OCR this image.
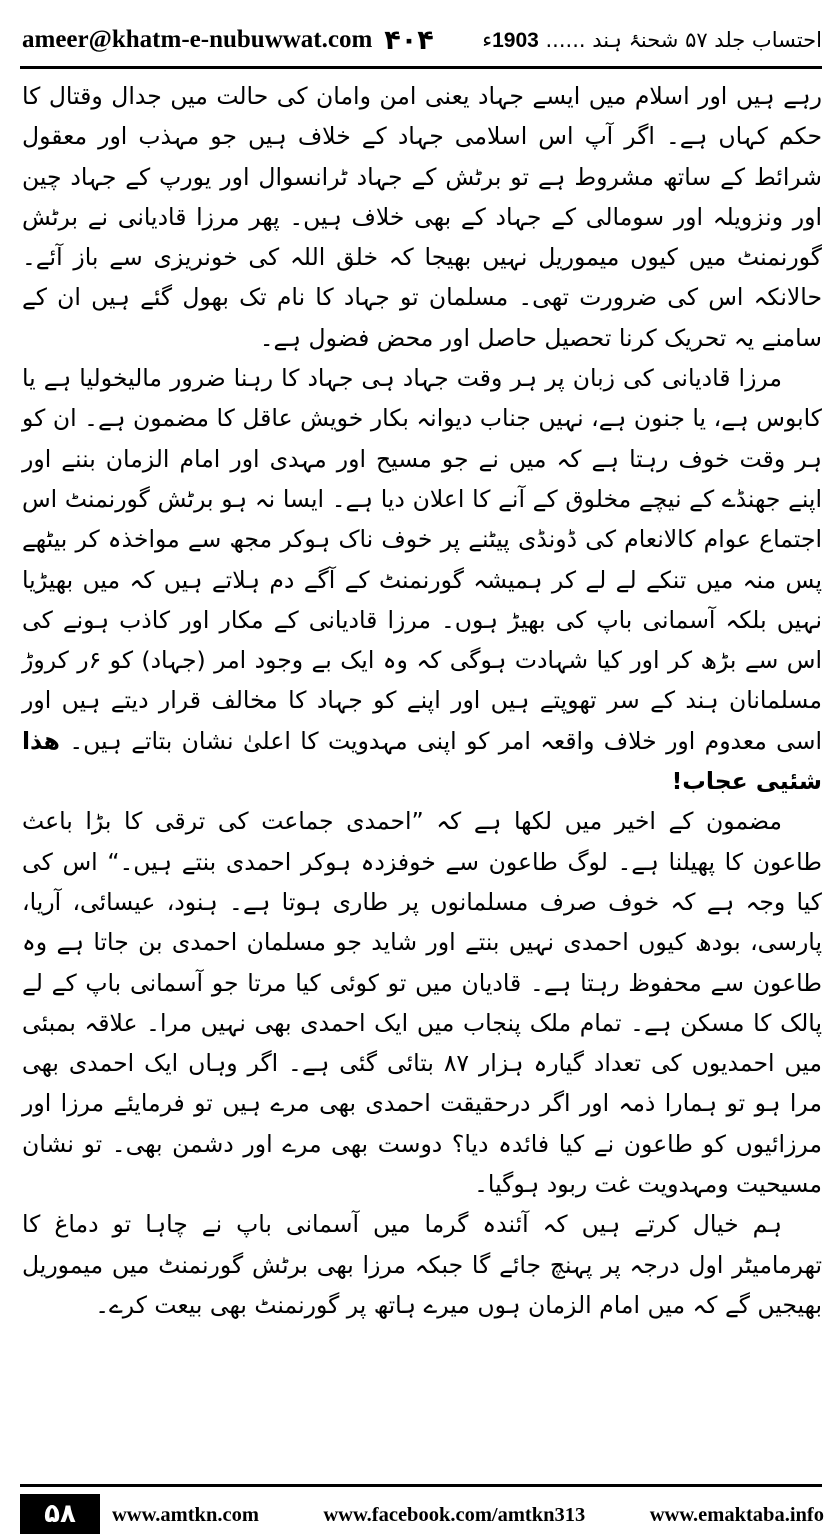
ameer@khatm-e-nubuwwat.com ۴۰۴	احتساب جلد ۵۷ شحنۂ ہند ...... 1903ء

رہے ہیں اور اسلام میں ایسے جہاد یعنی امن وامان کی حالت میں جدال وقتال کا حکم کہاں ہے۔ اگر آپ اس اسلامی جہاد کے خلاف ہیں جو مہذب اور معقول شرائط کے ساتھ مشروط ہے تو برٹش کے جہاد ٹرانسوال اور یورپ کے جہاد چین اور ونزویلہ اور سومالی کے جہاد کے بھی خلاف ہیں۔ پھر مرزا قادیانی نے برٹش گورنمنٹ میں کیوں میموریل نہیں بھیجا کہ خلق اللہ کی خونریزی سے باز آئے۔ حالانکہ اس کی ضرورت تھی۔ مسلمان تو جہاد کا نام تک بھول گئے ہیں ان کے سامنے یہ تحریک کرنا تحصیل حاصل اور محض فضول ہے۔

مرزا قادیانی کی زبان پر ہر وقت جہاد ہی جہاد کا رہنا ضرور مالیخولیا ہے یا کابوس ہے، یا جنون ہے، نہیں جناب دیوانہ بکار خویش عاقل کا مضمون ہے۔ ان کو ہر وقت خوف رہتا ہے کہ میں نے جو مسیح اور مہدی اور امام الزمان بننے اور اپنے جھنڈے کے نیچے مخلوق کے آنے کا اعلان دیا ہے۔ ایسا نہ ہو برٹش گورنمنٹ اس اجتماع عوام کالانعام کی ڈونڈی پیٹنے پر خوف ناک ہوکر مجھ سے مواخذہ کر بیٹھے پس منہ میں تنکے لے لے کر ہمیشہ گورنمنٹ کے آگے دم ہلاتے ہیں کہ میں بھیڑیا نہیں بلکہ آسمانی باپ کی بھیڑ ہوں۔ مرزا قادیانی کے مکار اور کاذب ہونے کی اس سے بڑھ کر اور کیا شہادت ہوگی کہ وہ ایک بے وجود امر (جہاد) کو ۶ر کروڑ مسلمانان ہند کے سر تھوپتے ہیں اور اپنے کو جہاد کا مخالف قرار دیتے ہیں اور اسی معدوم اور خلاف واقعہ امر کو اپنی مہدویت کا اعلیٰ نشان بتاتے ہیں۔ ھذا شئیی عجاب!

مضمون کے اخیر میں لکھا ہے کہ ”احمدی جماعت کی ترقی کا بڑا باعث طاعون کا پھیلنا ہے۔ لوگ طاعون سے خوفزدہ ہوکر احمدی بنتے ہیں۔“ اس کی کیا وجہ ہے کہ خوف صرف مسلمانوں پر طاری ہوتا ہے۔ ہنود، عیسائی، آریا، پارسی، بودھ کیوں احمدی نہیں بنتے اور شاید جو مسلمان احمدی بن جاتا ہے وہ طاعون سے محفوظ رہتا ہے۔ قادیان میں تو کوئی کیا مرتا جو آسمانی باپ کے لے پالک کا مسکن ہے۔ تمام ملک پنجاب میں ایک احمدی بھی نہیں مرا۔ علاقہ بمبئی میں احمدیوں کی تعداد گیارہ ہزار ۸۷ بتائی گئی ہے۔ اگر وہاں ایک احمدی بھی مرا ہو تو ہمارا ذمہ اور اگر درحقیقت احمدی بھی مرے ہیں تو فرمایئے مرزا اور مرزائیوں کو طاعون نے کیا فائدہ دیا؟ دوست بھی مرے اور دشمن بھی۔ تو نشان مسیحیت ومہدویت غت ربود ہوگیا۔

ہم خیال کرتے ہیں کہ آئندہ گرما میں آسمانی باپ نے چاہا تو دماغ کا تھرمامیٹر اول درجہ پر پہنچ جائے گا جبکہ مرزا بھی برٹش گورنمنٹ میں میموریل بھیجیں گے کہ میں امام الزمان ہوں میرے ہاتھ پر گورنمنٹ بھی بیعت کرے۔

۵۸	www.amtkn.com	www.facebook.com/amtkn313	www.emaktaba.info
